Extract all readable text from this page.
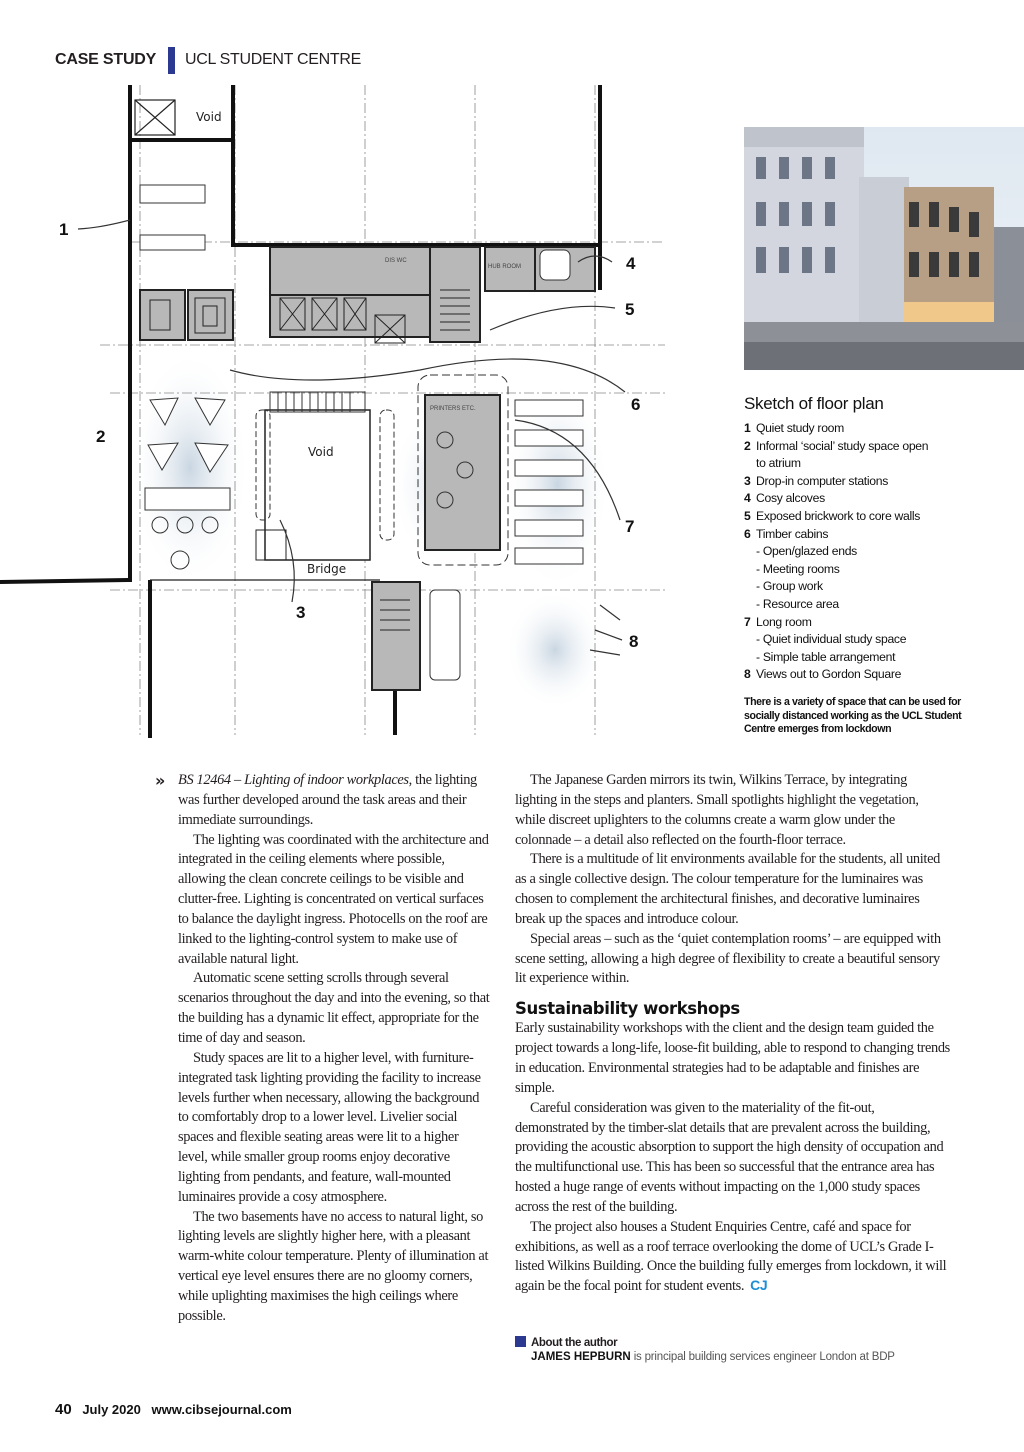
CASE STUDY UCL STUDENT CENTRE
Void
Void
Bridge
DIS WC
HUB ROOM
PRINTERS ETC.
1
2
3
4
5
6
7
8
Sketch of floor plan
1 Quiet study room
2 Informal ‘social’ study space open
to atrium
3 Drop-in computer stations
4 Cosy alcoves
5 Exposed brickwork to core walls
6 Timber cabins
- Open/glazed ends
- Meeting rooms
- Group work
- Resource area
7 Long room
- Quiet individual study space
- Simple table arrangement
8 Views out to Gordon Square
There is a variety of space that can be used for socially distanced working as the UCL Student Centre emerges from lockdown
» BS 12464 – Lighting of indoor workplaces, the lighting was further developed around the task areas and their immediate surroundings.

The lighting was coordinated with the architecture and integrated in the ceiling elements where possible, allowing the clean concrete ceilings to be visible and clutter-free. Lighting is concentrated on vertical surfaces to balance the daylight ingress. Photocells on the roof are linked to the lighting-control system to make use of available natural light.

Automatic scene setting scrolls through several scenarios throughout the day and into the evening, so that the building has a dynamic lit effect, appropriate for the time of day and season.

Study spaces are lit to a higher level, with furniture-integrated task lighting providing the facility to increase levels further when necessary, allowing the background to comfortably drop to a lower level. Livelier social spaces and flexible seating areas were lit to a higher level, while smaller group rooms enjoy decorative lighting from pendants, and feature, wall-mounted luminaires provide a cosy atmosphere.

The two basements have no access to natural light, so lighting levels are slightly higher here, with a pleasant warm-white colour temperature. Plenty of illumination at vertical eye level ensures there are no gloomy corners, while uplighting maximises the high ceilings where possible.

The Japanese Garden mirrors its twin, Wilkins Terrace, by integrating lighting in the steps and planters. Small spotlights highlight the vegetation, while discreet uplighters to the columns create a warm glow under the colonnade – a detail also reflected on the fourth-floor terrace.

There is a multitude of lit environments available for the students, all united as a single collective design. The colour temperature for the luminaires was chosen to complement the architectural finishes, and decorative luminaires break up the spaces and introduce colour.

Special areas – such as the ‘quiet contemplation rooms’ – are equipped with scene setting, allowing a high degree of flexibility to create a beautiful sensory lit experience within.

Sustainability workshops

Early sustainability workshops with the client and the design team guided the project towards a long-life, loose-fit building, able to respond to changing trends in education. Environmental strategies had to be adaptable and finishes are simple.

Careful consideration was given to the materiality of the fit-out, demonstrated by the timber-slat details that are prevalent across the building, providing the acoustic absorption to support the high density of occupation and the multifunctional use. This has been so successful that the entrance area has hosted a huge range of events without impacting on the 1,000 study spaces across the rest of the building.

The project also houses a Student Enquiries Centre, café and space for exhibitions, as well as a roof terrace overlooking the dome of UCL’s Grade I-listed Wilkins Building. Once the building fully emerges from lockdown, it will again be the focal point for student events. CJ

About the author
JAMES HEPBURN is principal building services engineer London at BDP
40 July 2020 www.cibsejournal.com
